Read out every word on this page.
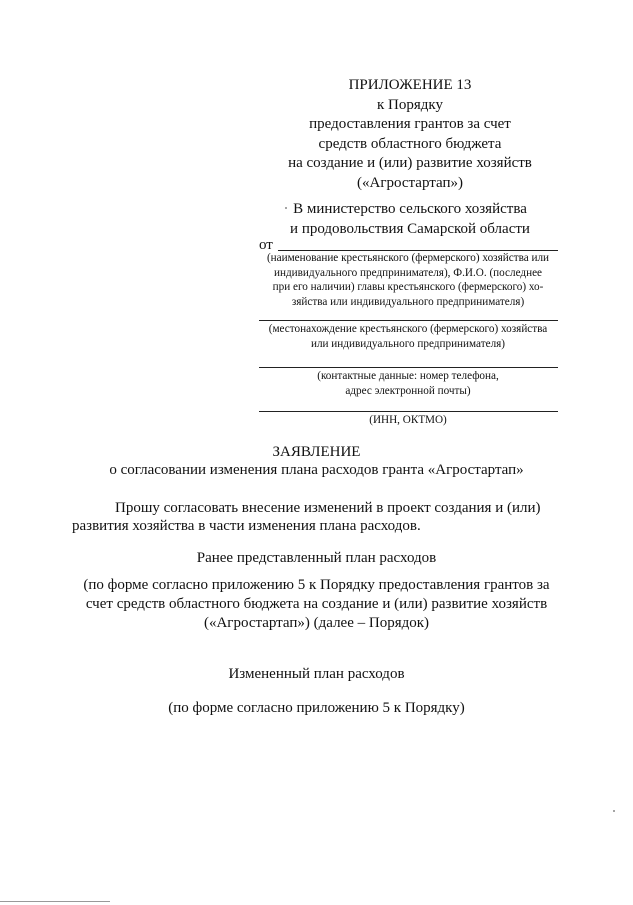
ПРИЛОЖЕНИЕ 13
к Порядку
предоставления грантов за счет
средств областного бюджета
на создание и (или) развитие хозяйств
(«Агростартап»)
В министерство сельского хозяйства
и продовольствия Самарской области
от
(наименование крестьянского (фермерского) хозяйства или
индивидуального предпринимателя), Ф.И.О. (последнее
при его наличии) главы крестьянского (фермерского) хо-
зяйства или индивидуального предпринимателя)
(местонахождение крестьянского (фермерского) хозяйства
или индивидуального предпринимателя)
(контактные данные: номер телефона,
адрес электронной почты)
(ИНН, ОКТМО)
ЗАЯВЛЕНИЕ
о согласовании изменения плана расходов гранта «Агростартап»
Прошу согласовать внесение изменений в проект создания и (или)
развития хозяйства в части изменения плана расходов.
Ранее представленный план расходов
(по форме согласно приложению 5 к Порядку предоставления грантов за
счет средств областного бюджета на создание и (или) развитие хозяйств
(«Агростартап») (далее – Порядок)
Измененный план расходов
(по форме согласно приложению 5 к Порядку)
